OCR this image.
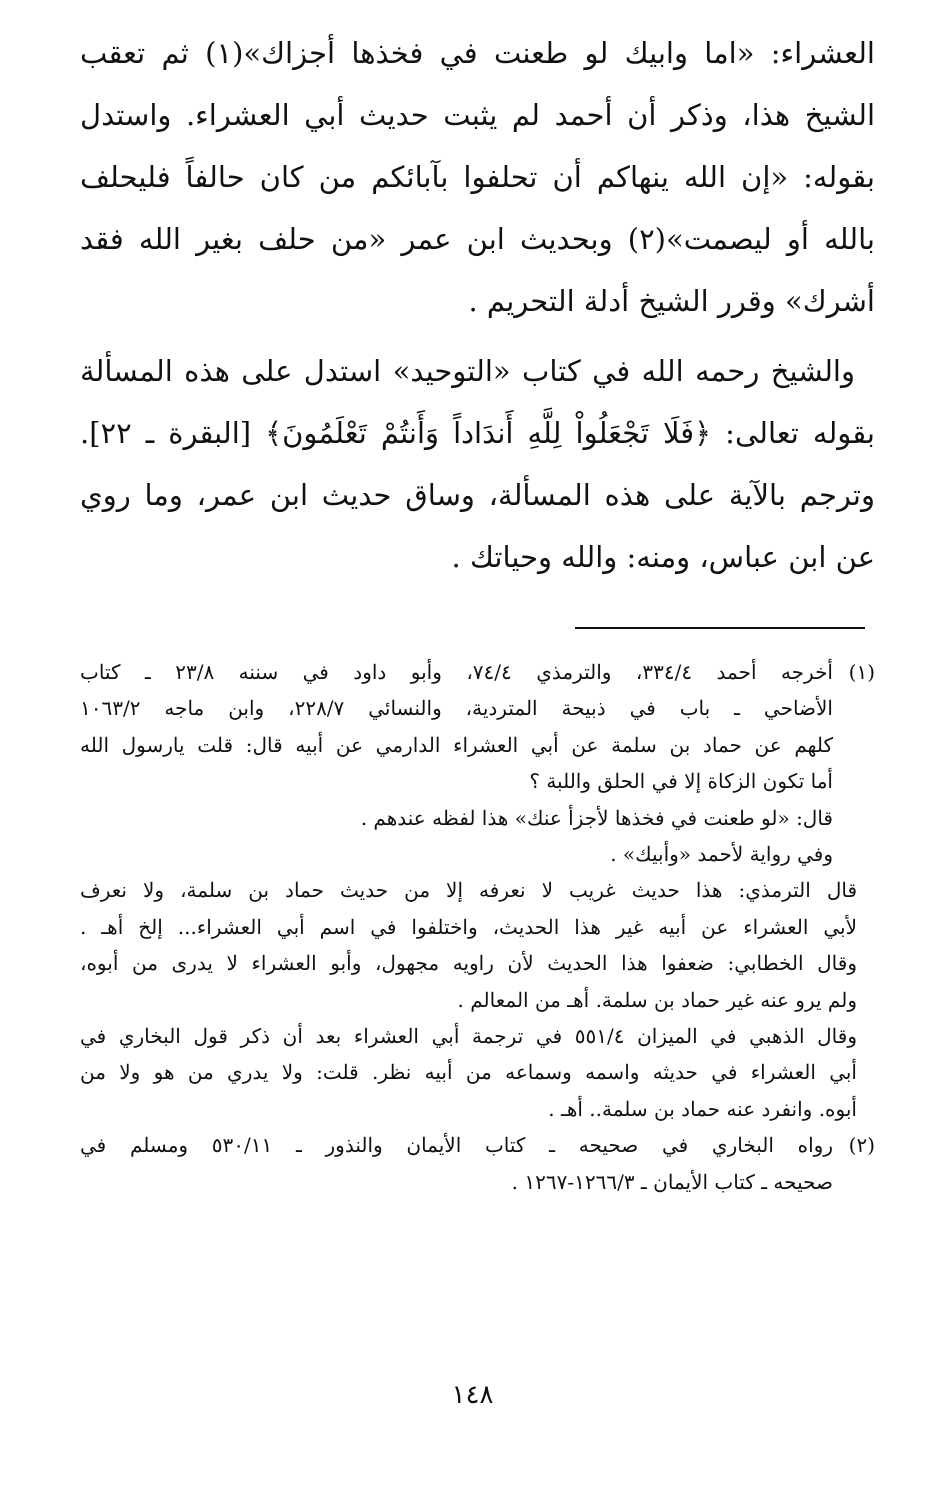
العشراء: «اما وابيك لو طعنت في فخذها أجزاك»(١) ثم تعقب الشيخ هذا، وذكر أن أحمد لم يثبت حديث أبي العشراء. واستدل بقوله: «إن الله ينهاكم أن تحلفوا بآبائكم من كان حالفاً فليحلف بالله أو ليصمت»(٢) وبحديث ابن عمر «من حلف بغير الله فقد أشرك» وقرر الشيخ أدلة التحريم .

والشيخ رحمه الله في كتاب «التوحيد» استدل على هذه المسألة بقوله تعالى: ﴿فَلَا تَجْعَلُواْ لِلَّهِ أَندَاداً وَأَنتُمْ تَعْلَمُونَ﴾ [البقرة ـ ٢٢]. وترجم بالآية على هذه المسألة، وساق حديث ابن عمر، وما روي عن ابن عباس، ومنه: والله وحياتك .

(١)أخرجه أحمد ٣٣٤/٤، والترمذي ٧٤/٤، وأبو داود في سننه ٢٣/٨ ـ كتاب

الأضاحي ـ باب في ذبيحة المتردية، والنسائي ٢٢٨/٧، وابن ماجه ١٠٦٣/٢

كلهم عن حماد بن سلمة عن أبي العشراء الدارمي عن أبيه قال: قلت يارسول الله

أما تكون الزكاة إلا في الحلق واللبة ؟

قال: «لو طعنت في فخذها لأجزأ عنك» هذا لفظه عندهم .

وفي رواية لأحمد «وأبيك» .

قال الترمذي: هذا حديث غريب لا نعرفه إلا من حديث حماد بن سلمة، ولا نعرف

لأبي العشراء عن أبيه غير هذا الحديث، واختلفوا في اسم أبي العشراء... إلخ أهـ .

وقال الخطابي: ضعفوا هذا الحديث لأن راويه مجهول، وأبو العشراء لا يدرى من أبوه،

ولم يرو عنه غير حماد بن سلمة. أهـ من المعالم .

وقال الذهبي في الميزان ٥٥١/٤ في ترجمة أبي العشراء بعد أن ذكر قول البخاري في

أبي العشراء في حديثه واسمه وسماعه من أبيه نظر. قلت: ولا يدري من هو ولا من

أبوه. وانفرد عنه حماد بن سلمة.. أهـ .

(٢)رواه البخاري في صحيحه ـ كتاب الأيمان والنذور ـ ٥٣٠/١١ ومسلم في

صحيحه ـ كتاب الأيمان ـ ١٢٦٦/٣-١٢٦٧ .

١٤٨
